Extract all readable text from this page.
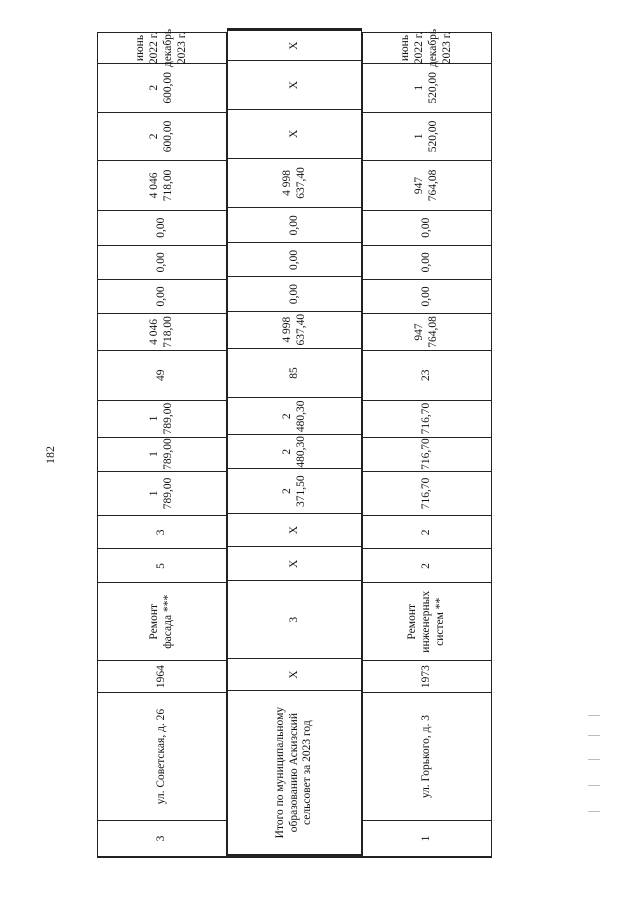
182
Итого по муниципальному образованию Аскизский сельсовет за 2023 год
X
3
X
X
2 371,50
2 480,30
2 480,30
85
4 998 637,40
0,00
0,00
0,00
4 998 637,40
X
X
X
1
ул. Горького, д. 3
1973
Ремонт инженерных систем **
2
2
716,70
716,70
716,70
23
947 764,08
0,00
0,00
0,00
947 764,08
1 520,00
1 520,00
июнь 2022 г. декабрь 2023 г.
3
ул. Советская, д. 26
1964
Ремонт фасада ***
5
3
1 789,00
1 789,00
1 789,00
49
4 046 718,00
0,00
0,00
0,00
4 046 718,00
2 600,00
2 600,00
июнь 2022 г. декабрь 2023 г.
